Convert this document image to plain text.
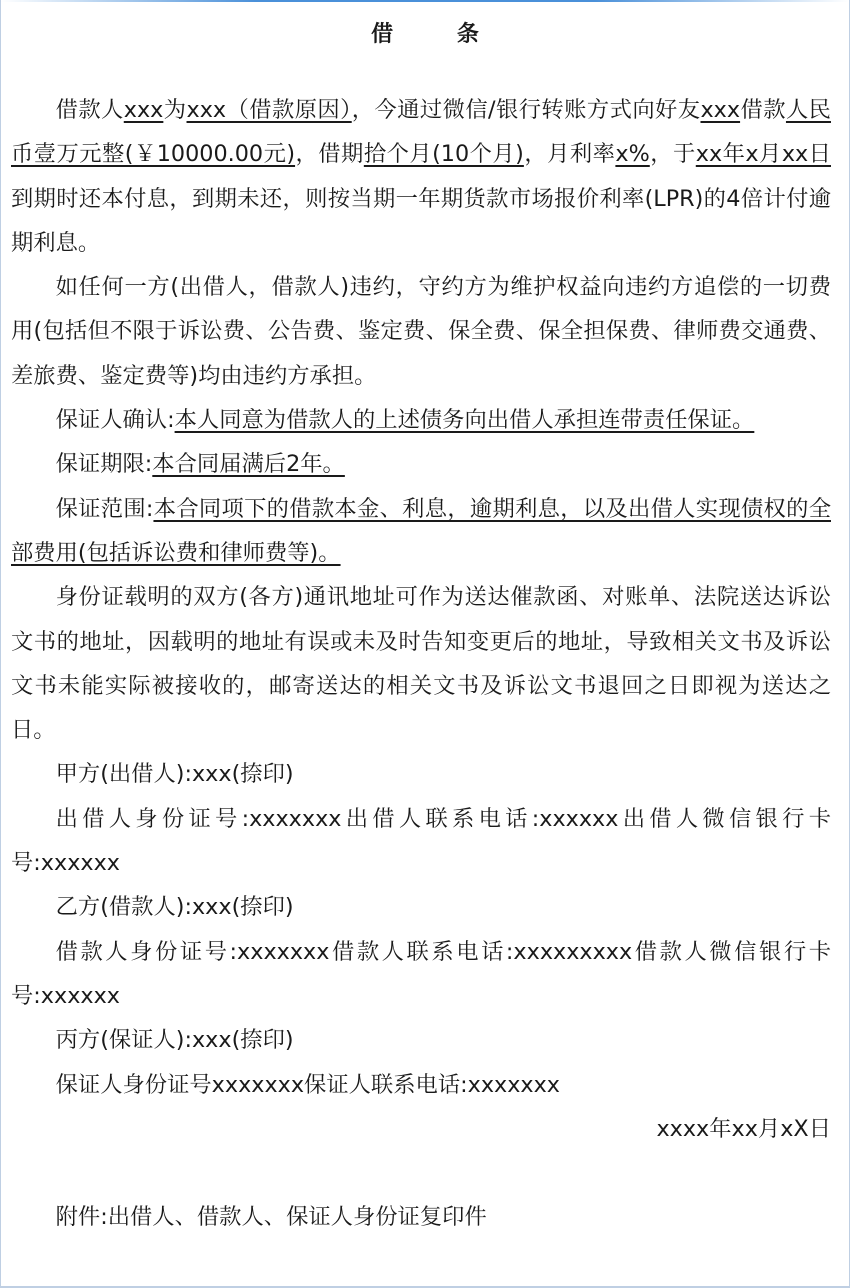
借 条

借款人xxx为xxx（借款原因），今通过微信/银行转账方式向好友xxx借款人民币壹万元整(￥10000.00元)，借期拾个月(10个月)，月利率x%，于xx年x月xx日到期时还本付息，到期未还，则按当期一年期货款市场报价利率(LPR)的4倍计付逾期利息。

如任何一方(出借人，借款人)违约，守约方为维护权益向违约方追偿的一切费用(包括但不限于诉讼费、公告费、鉴定费、保全费、保全担保费、律师费交通费、差旅费、鉴定费等)均由违约方承担。

保证人确认:本人同意为借款人的上述债务向出借人承担连带责任保证。

保证期限:本合同届满后2年。

保证范围:本合同项下的借款本金、利息，逾期利息，以及出借人实现债权的全部费用(包括诉讼费和律师费等)。

身份证载明的双方(各方)通讯地址可作为送达催款函、对账单、法院送达诉讼文书的地址，因载明的地址有误或未及时告知变更后的地址，导致相关文书及诉讼文书未能实际被接收的，邮寄送达的相关文书及诉讼文书退回之日即视为送达之日。

甲方(出借人):xxx(捺印)

出借人身份证号:xxxxxxx出借人联系电话:xxxxxx出借人微信银行卡号:xxxxxx

乙方(借款人):xxx(捺印)

借款人身份证号:xxxxxxx借款人联系电话:xxxxxxxxx借款人微信银行卡号:xxxxxx

丙方(保证人):xxx(捺印)

保证人身份证号xxxxxxx保证人联系电话:xxxxxxx

xxxx年xx月xX日

附件:出借人、借款人、保证人身份证复印件
